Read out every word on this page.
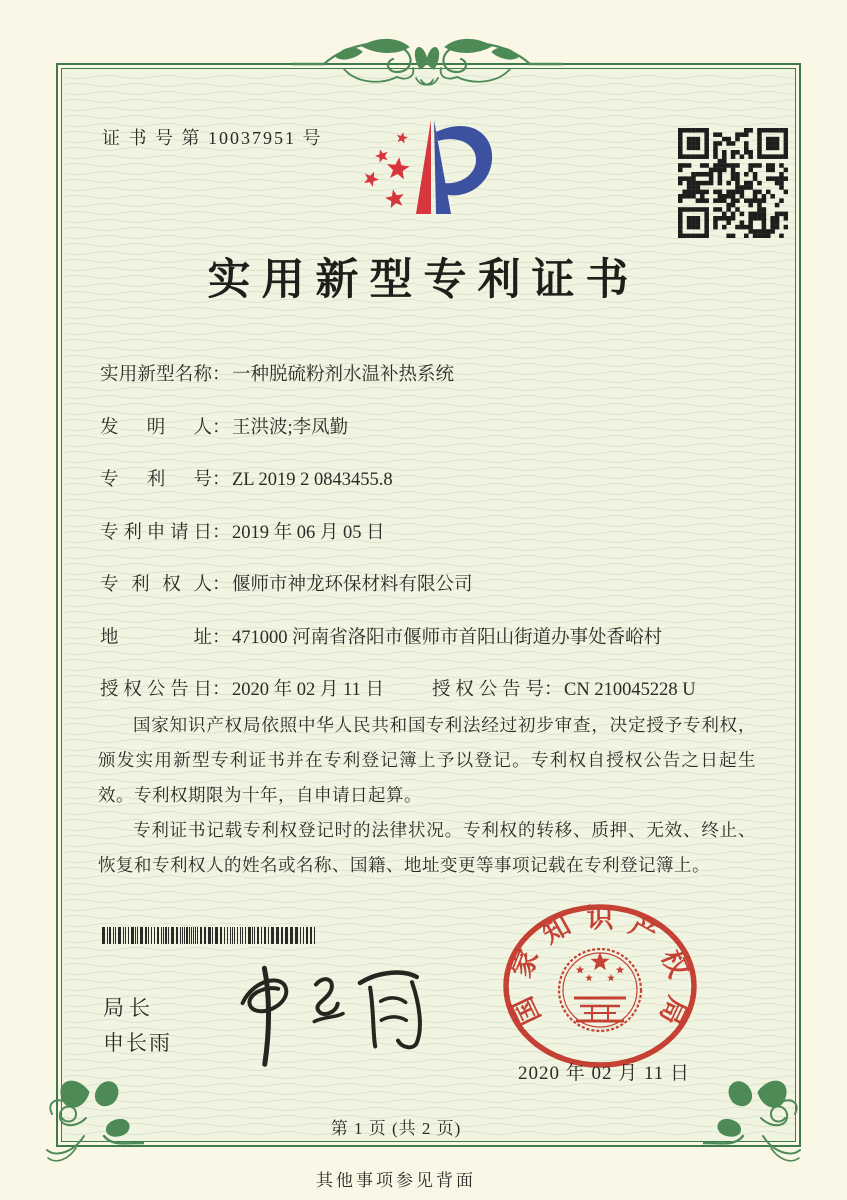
证 书 号 第 10037951 号
实用新型专利证书
实用新型名称：一种脱硫粉剂水温补热系统
发明人：王洪波;李凤勤
专利号：ZL 2019 2 0843455.8
专利申请日：2019 年 06 月 05 日
专利权人：偃师市神龙环保材料有限公司
地址：471000 河南省洛阳市偃师市首阳山街道办事处香峪村
授权公告日：2020 年 02 月 11 日	授权公告号：CN 210045228 U

国家知识产权局依照中华人民共和国专利法经过初步审查，决定授予专利权，颁发实用新型专利证书并在专利登记簿上予以登记。专利权自授权公告之日起生效。专利权期限为十年，自申请日起算。

专利证书记载专利权登记时的法律状况。专利权的转移、质押、无效、终止、恢复和专利权人的姓名或名称、国籍、地址变更等事项记载在专利登记簿上。

局长
申长雨
国家知识产权局
2020 年 02 月 11 日
第 1 页 (共 2 页)
其他事项参见背面
